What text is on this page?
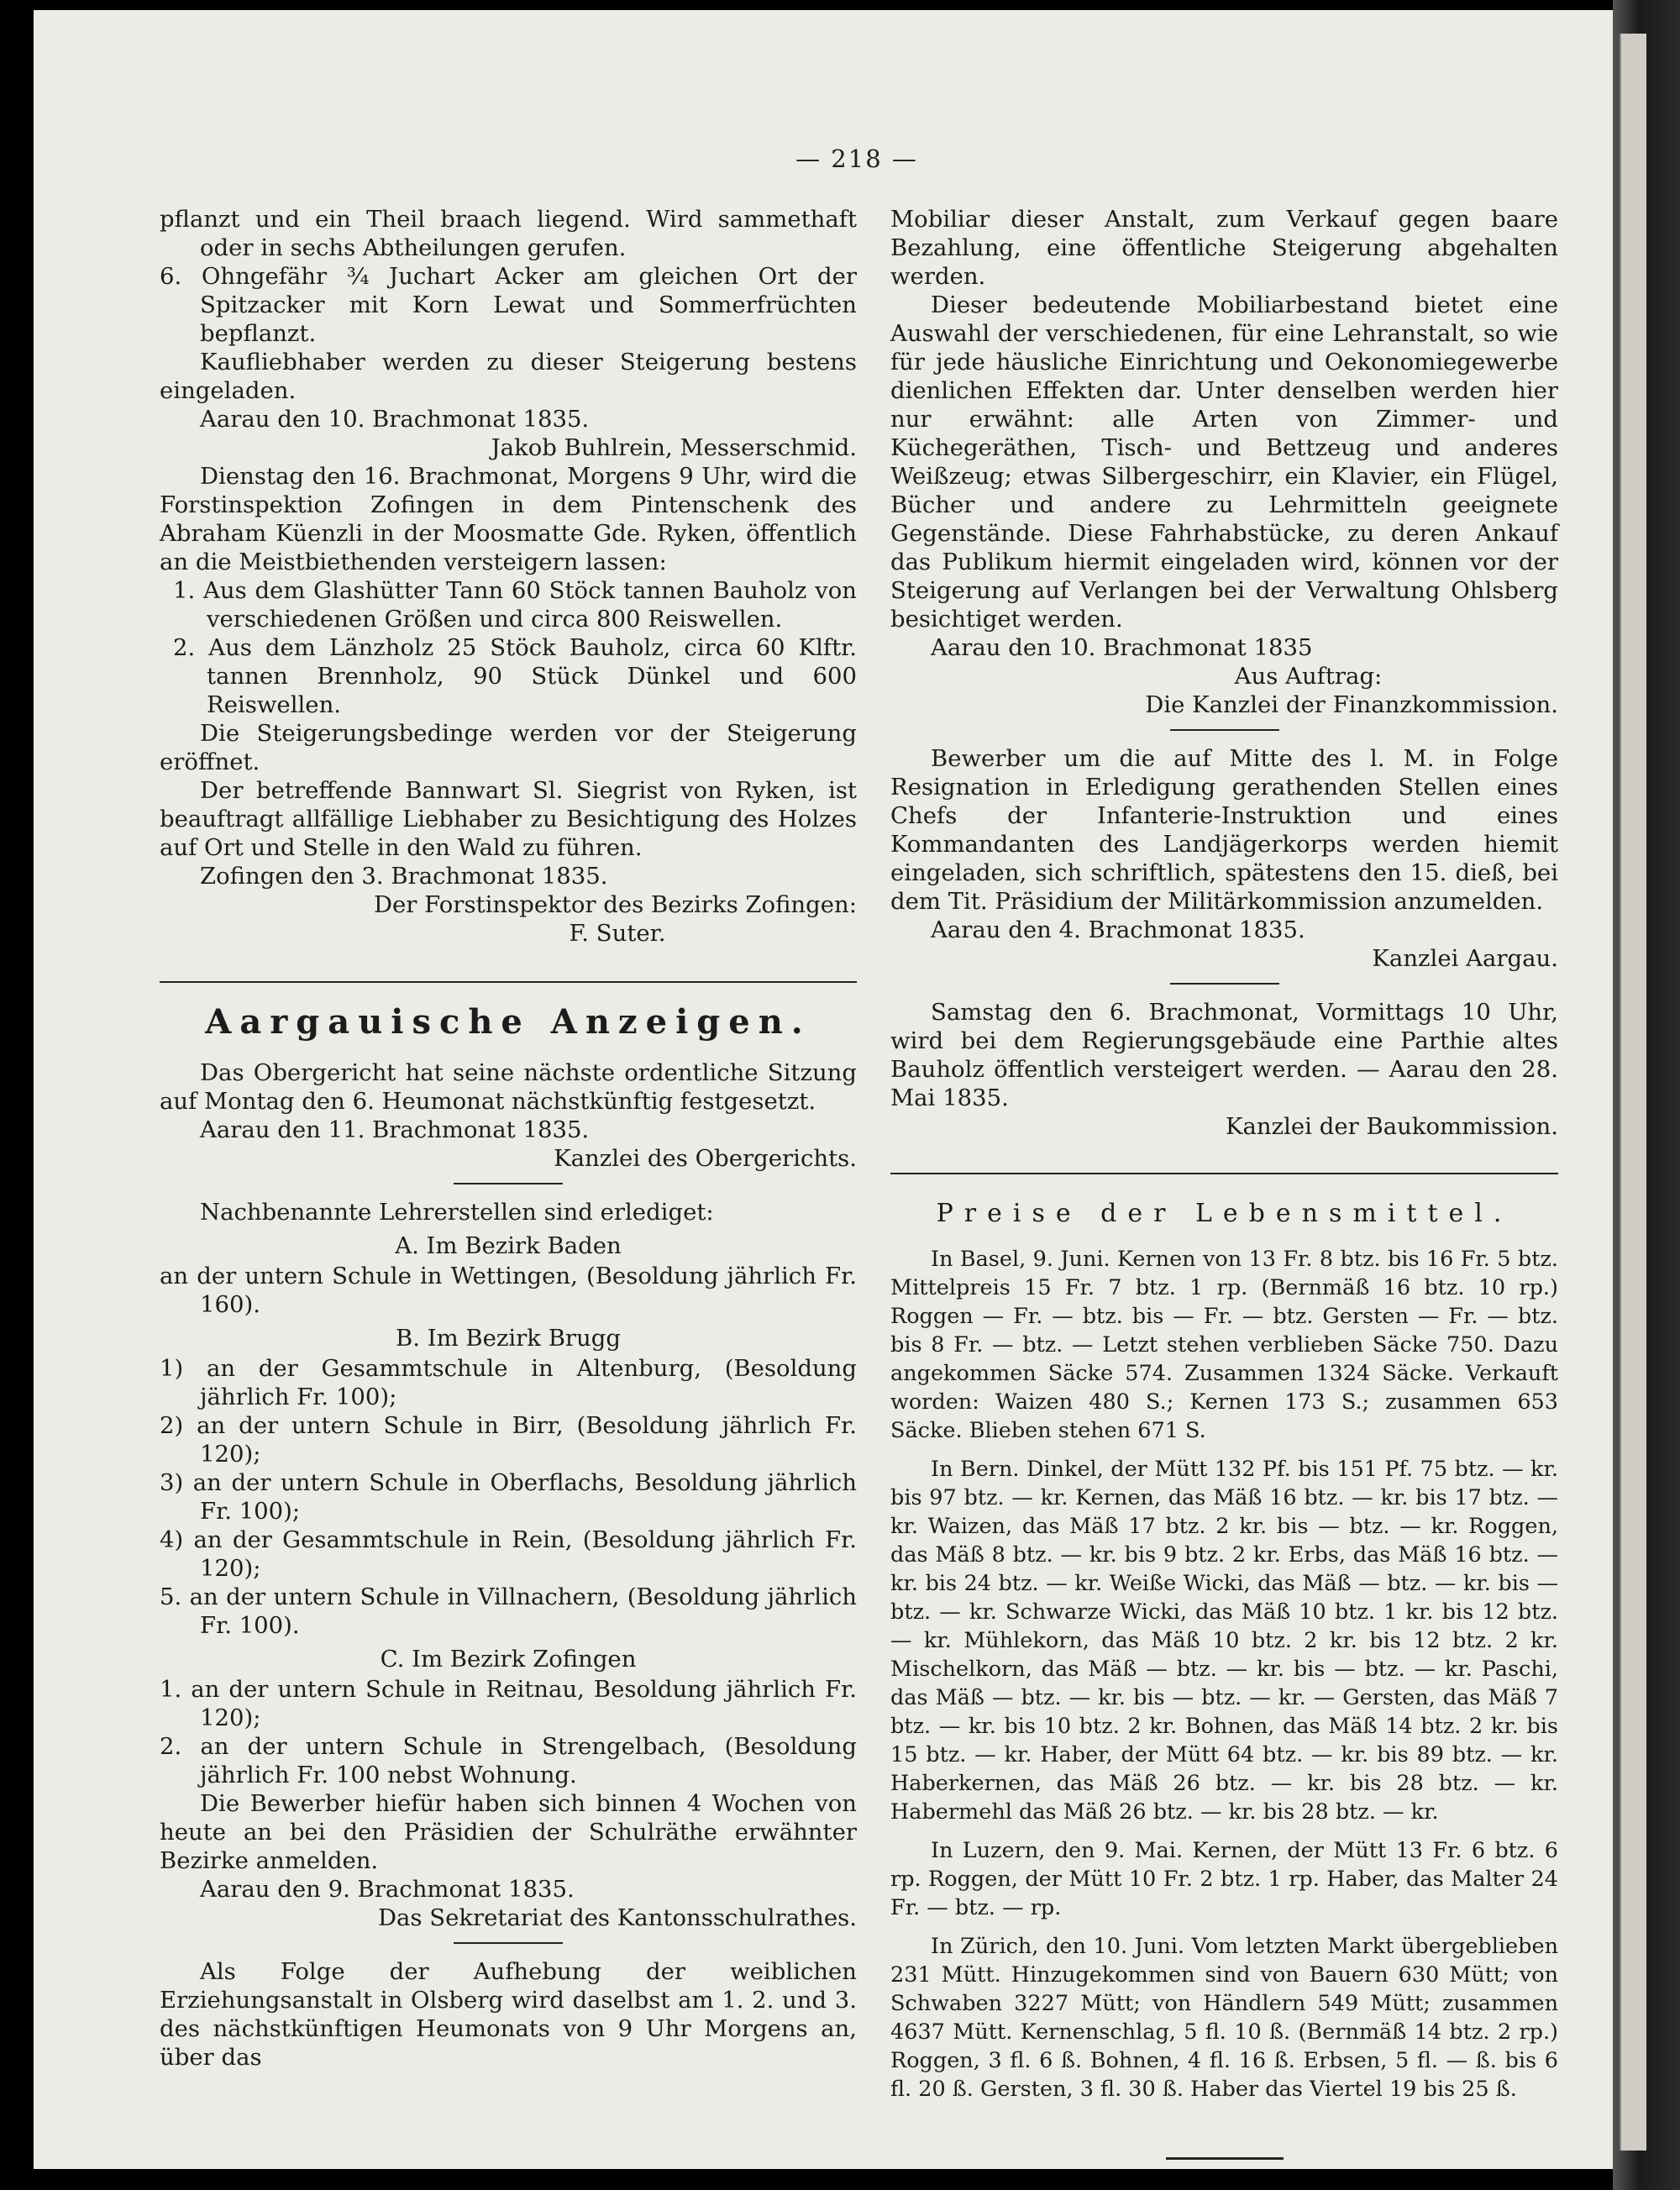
— 218 —

pflanzt und ein Theil braach liegend. Wird sammethaft oder in sechs Abtheilungen gerufen.

6. Ohngefähr ¾ Juchart Acker am gleichen Ort der Spitzacker mit Korn Lewat und Sommerfrüchten bepflanzt.

Kaufliebhaber werden zu dieser Steigerung bestens eingeladen.

Aarau den 10. Brachmonat 1835.

Jakob Buhlrein, Messerschmid.

Dienstag den 16. Brachmonat, Morgens 9 Uhr, wird die Forstinspektion Zofingen in dem Pintenschenk des Abraham Küenzli in der Moosmatte Gde. Ryken, öffentlich an die Meistbiethenden versteigern lassen:

1. Aus dem Glashütter Tann 60 Stöck tannen Bauholz von verschiedenen Größen und circa 800 Reiswellen.

2. Aus dem Länzholz 25 Stöck Bauholz, circa 60 Klftr. tannen Brennholz, 90 Stück Dünkel und 600 Reiswellen.

Die Steigerungsbedinge werden vor der Steigerung eröffnet.

Der betreffende Bannwart Sl. Siegrist von Ryken, ist beauftragt allfällige Liebhaber zu Besichtigung des Holzes auf Ort und Stelle in den Wald zu führen.

Zofingen den 3. Brachmonat 1835.

Der Forstinspektor des Bezirks Zofingen:

F. Suter.

Aargauische Anzeigen.

Das Obergericht hat seine nächste ordentliche Sitzung auf Montag den 6. Heumonat nächstkünftig festgesetzt.

Aarau den 11. Brachmonat 1835.

Kanzlei des Obergerichts.

Nachbenannte Lehrerstellen sind erlediget:

A. Im Bezirk Baden

an der untern Schule in Wettingen, (Besoldung jährlich Fr. 160).

B. Im Bezirk Brugg

1) an der Gesammtschule in Altenburg, (Besoldung jährlich Fr. 100);

2) an der untern Schule in Birr, (Besoldung jährlich Fr. 120);

3) an der untern Schule in Oberflachs, Besoldung jährlich Fr. 100);

4) an der Gesammtschule in Rein, (Besoldung jährlich Fr. 120);

5. an der untern Schule in Villnachern, (Besoldung jährlich Fr. 100).

C. Im Bezirk Zofingen

1. an der untern Schule in Reitnau, Besoldung jährlich Fr. 120);

2. an der untern Schule in Strengelbach, (Besoldung jährlich Fr. 100 nebst Wohnung.

Die Bewerber hiefür haben sich binnen 4 Wochen von heute an bei den Präsidien der Schulräthe erwähnter Bezirke anmelden.

Aarau den 9. Brachmonat 1835.

Das Sekretariat des Kantonsschulrathes.

Als Folge der Aufhebung der weiblichen Erziehungsanstalt in Olsberg wird daselbst am 1. 2. und 3. des nächstkünftigen Heumonats von 9 Uhr Morgens an, über das

Mobiliar dieser Anstalt, zum Verkauf gegen baare Bezahlung, eine öffentliche Steigerung abgehalten werden.

Dieser bedeutende Mobiliarbestand bietet eine Auswahl der verschiedenen, für eine Lehranstalt, so wie für jede häusliche Einrichtung und Oekonomiegewerbe dienlichen Effekten dar. Unter denselben werden hier nur erwähnt: alle Arten von Zimmer- und Küchegeräthen, Tisch- und Bettzeug und anderes Weißzeug; etwas Silbergeschirr, ein Klavier, ein Flügel, Bücher und andere zu Lehrmitteln geeignete Gegenstände. Diese Fahrhabstücke, zu deren Ankauf das Publikum hiermit eingeladen wird, können vor der Steigerung auf Verlangen bei der Verwaltung Ohlsberg besichtiget werden.

Aarau den 10. Brachmonat 1835

Aus Auftrag:

Die Kanzlei der Finanzkommission.

Bewerber um die auf Mitte des l. M. in Folge Resignation in Erledigung gerathenden Stellen eines Chefs der Infanterie-Instruktion und eines Kommandanten des Landjägerkorps werden hiemit eingeladen, sich schriftlich, spätestens den 15. dieß, bei dem Tit. Präsidium der Militärkommission anzumelden.

Aarau den 4. Brachmonat 1835.

Kanzlei Aargau.

Samstag den 6. Brachmonat, Vormittags 10 Uhr, wird bei dem Regierungsgebäude eine Parthie altes Bauholz öffentlich versteigert werden. — Aarau den 28. Mai 1835.

Kanzlei der Baukommission.

Preise der Lebensmittel.

In Basel, 9. Juni. Kernen von 13 Fr. 8 btz. bis 16 Fr. 5 btz. Mittelpreis 15 Fr. 7 btz. 1 rp. (Bernmäß 16 btz. 10 rp.) Roggen — Fr. — btz. bis — Fr. — btz. Gersten — Fr. — btz. bis 8 Fr. — btz. — Letzt stehen verblieben Säcke 750. Dazu angekommen Säcke 574. Zusammen 1324 Säcke. Verkauft worden: Waizen 480 S.; Kernen 173 S.; zusammen 653 Säcke. Blieben stehen 671 S.

In Bern. Dinkel, der Mütt 132 Pf. bis 151 Pf. 75 btz. — kr. bis 97 btz. — kr. Kernen, das Mäß 16 btz. — kr. bis 17 btz. — kr. Waizen, das Mäß 17 btz. 2 kr. bis — btz. — kr. Roggen, das Mäß 8 btz. — kr. bis 9 btz. 2 kr. Erbs, das Mäß 16 btz. — kr. bis 24 btz. — kr. Weiße Wicki, das Mäß — btz. — kr. bis — btz. — kr. Schwarze Wicki, das Mäß 10 btz. 1 kr. bis 12 btz. — kr. Mühlekorn, das Mäß 10 btz. 2 kr. bis 12 btz. 2 kr. Mischelkorn, das Mäß — btz. — kr. bis — btz. — kr. Paschi, das Mäß — btz. — kr. bis — btz. — kr. — Gersten, das Mäß 7 btz. — kr. bis 10 btz. 2 kr. Bohnen, das Mäß 14 btz. 2 kr. bis 15 btz. — kr. Haber, der Mütt 64 btz. — kr. bis 89 btz. — kr. Haberkernen, das Mäß 26 btz. — kr. bis 28 btz. — kr. Habermehl das Mäß 26 btz. — kr. bis 28 btz. — kr.

In Luzern, den 9. Mai. Kernen, der Mütt 13 Fr. 6 btz. 6 rp. Roggen, der Mütt 10 Fr. 2 btz. 1 rp. Haber, das Malter 24 Fr. — btz. — rp.

In Zürich, den 10. Juni. Vom letzten Markt übergeblieben 231 Mütt. Hinzugekommen sind von Bauern 630 Mütt; von Schwaben 3227 Mütt; von Händlern 549 Mütt; zusammen 4637 Mütt. Kernenschlag, 5 fl. 10 ß. (Bernmäß 14 btz. 2 rp.) Roggen, 3 fl. 6 ß. Bohnen, 4 fl. 16 ß. Erbsen, 5 fl. — ß. bis 6 fl. 20 ß. Gersten, 3 fl. 30 ß. Haber das Viertel 19 bis 25 ß.
